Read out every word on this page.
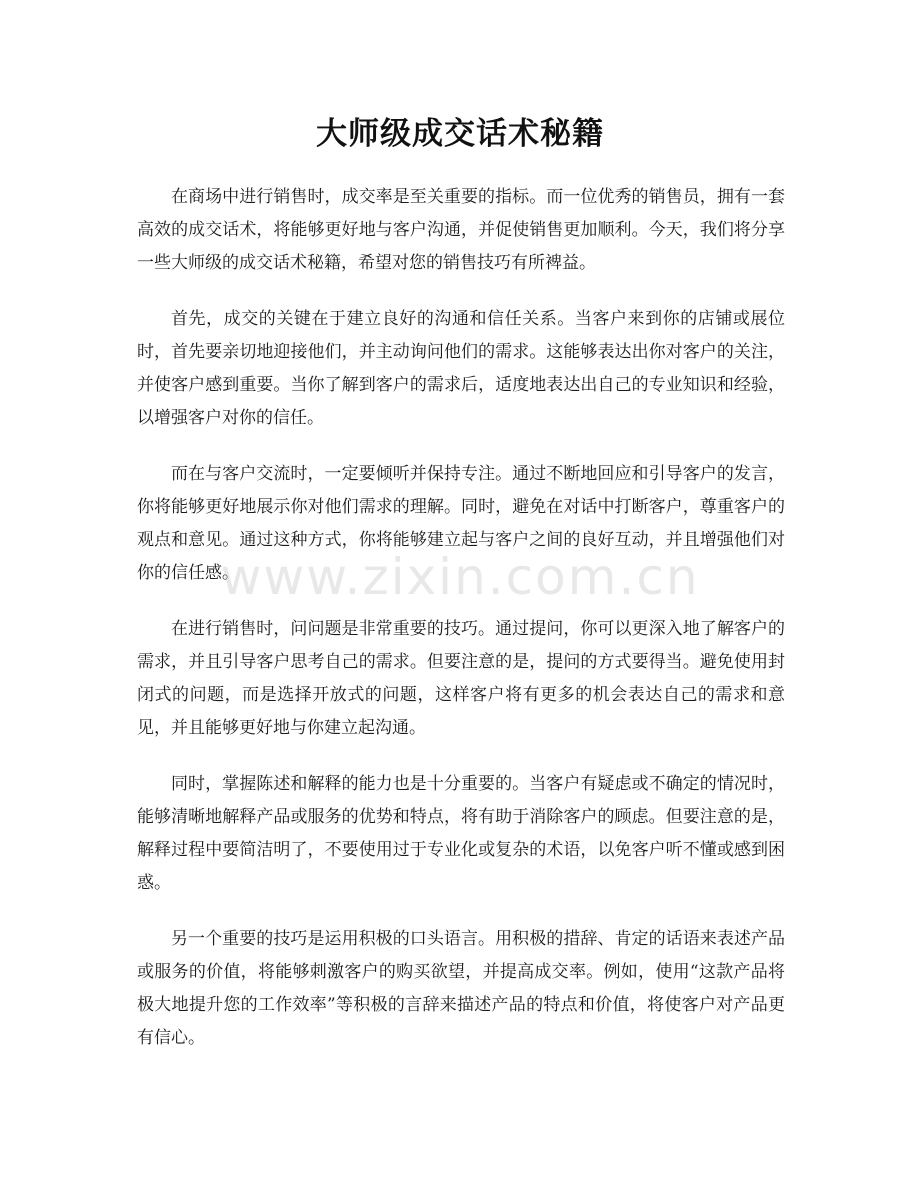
大师级成交话术秘籍

在商场中进行销售时，成交率是至关重要的指标。而一位优秀的销售员，拥有一套高效的成交话术，将能够更好地与客户沟通，并促使销售更加顺利。今天，我们将分享一些大师级的成交话术秘籍，希望对您的销售技巧有所裨益。

首先，成交的关键在于建立良好的沟通和信任关系。当客户来到你的店铺或展位时，首先要亲切地迎接他们，并主动询问他们的需求。这能够表达出你对客户的关注，并使客户感到重要。当你了解到客户的需求后，适度地表达出自己的专业知识和经验，以增强客户对你的信任。

而在与客户交流时，一定要倾听并保持专注。通过不断地回应和引导客户的发言，你将能够更好地展示你对他们需求的理解。同时，避免在对话中打断客户，尊重客户的观点和意见。通过这种方式，你将能够建立起与客户之间的良好互动，并且增强他们对你的信任感。

在进行销售时，问问题是非常重要的技巧。通过提问，你可以更深入地了解客户的需求，并且引导客户思考自己的需求。但要注意的是，提问的方式要得当。避免使用封闭式的问题，而是选择开放式的问题，这样客户将有更多的机会表达自己的需求和意见，并且能够更好地与你建立起沟通。

同时，掌握陈述和解释的能力也是十分重要的。当客户有疑虑或不确定的情况时，能够清晰地解释产品或服务的优势和特点，将有助于消除客户的顾虑。但要注意的是，解释过程中要简洁明了，不要使用过于专业化或复杂的术语，以免客户听不懂或感到困惑。

另一个重要的技巧是运用积极的口头语言。用积极的措辞、肯定的话语来表述产品或服务的价值，将能够刺激客户的购买欲望，并提高成交率。例如，使用“这款产品将极大地提升您的工作效率”等积极的言辞来描述产品的特点和价值，将使客户对产品更有信心。

www.zixin.com.cn
